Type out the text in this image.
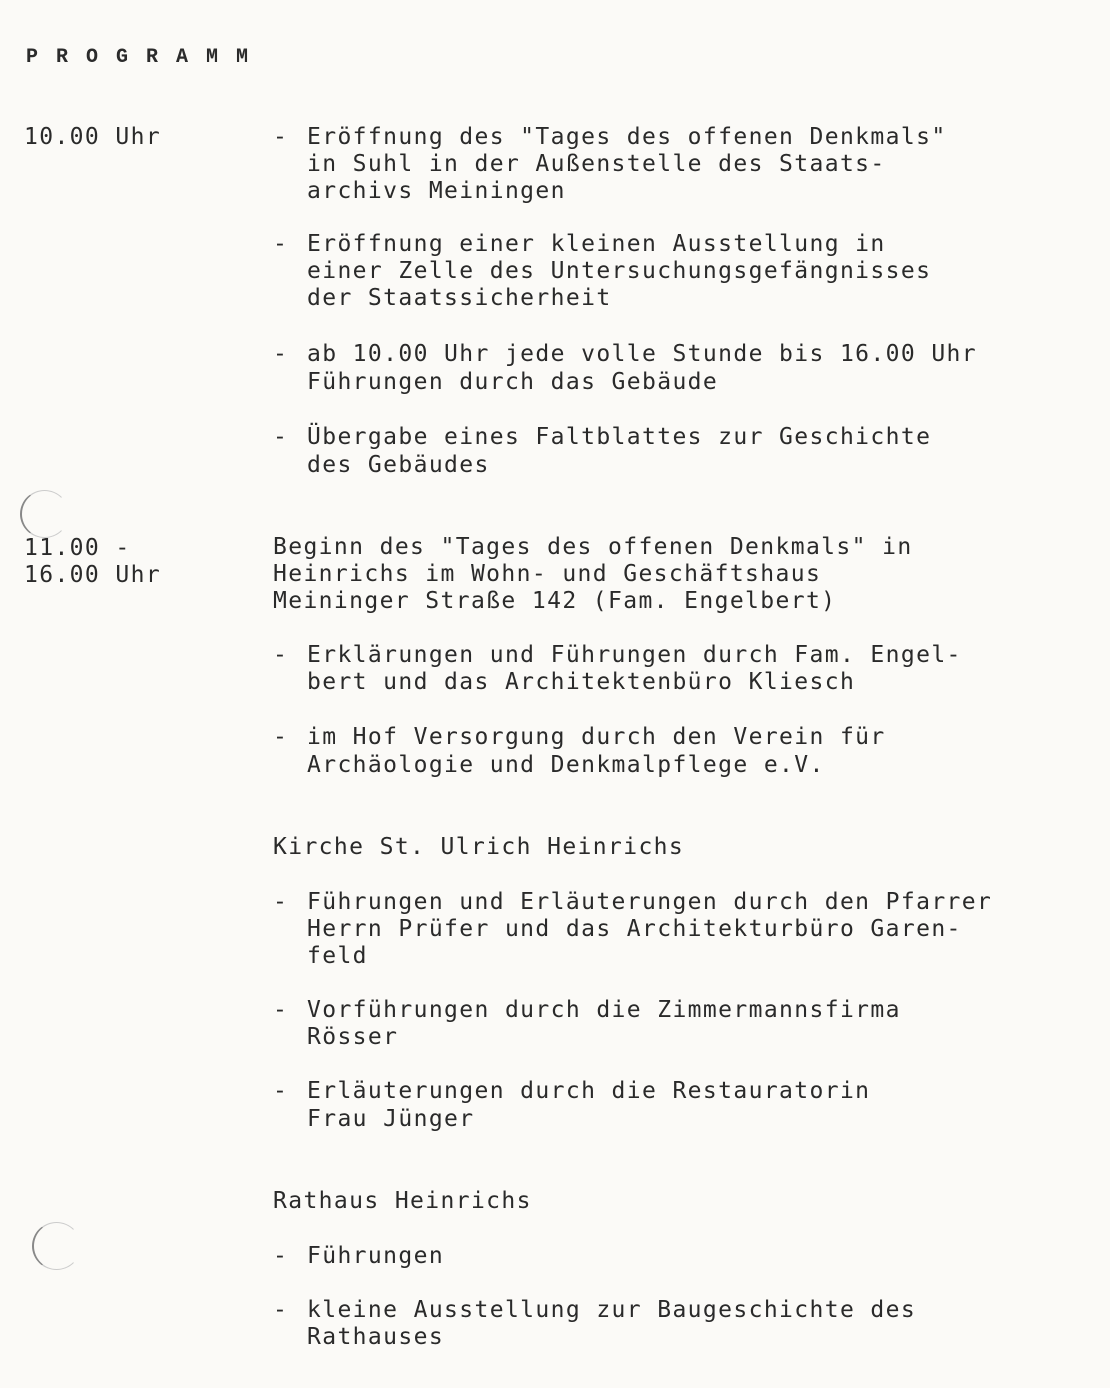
PROGRAMM
10.00 Uhr	- Eröffnung des "Tages des offenen Denkmals"
in Suhl in der Außenstelle des Staats-
archivs Meiningen
- Eröffnung einer kleinen Ausstellung in
einer Zelle des Untersuchungsgefängnisses
der Staatssicherheit
- ab 10.00 Uhr jede volle Stunde bis 16.00 Uhr
Führungen durch das Gebäude
- Übergabe eines Faltblattes zur Geschichte
des Gebäudes
11.00 -
16.00 Uhr
Beginn des "Tages des offenen Denkmals" in
Heinrichs im Wohn- und Geschäftshaus
Meininger Straße 142 (Fam. Engelbert)
- Erklärungen und Führungen durch Fam. Engel-
bert und das Architektenbüro Kliesch
- im Hof Versorgung durch den Verein für
Archäologie und Denkmalpflege e.V.
Kirche St. Ulrich Heinrichs
- Führungen und Erläuterungen durch den Pfarrer
Herrn Prüfer und das Architekturbüro Garen-
feld
- Vorführungen durch die Zimmermannsfirma
Rösser
- Erläuterungen durch die Restauratorin
Frau Jünger
Rathaus Heinrichs
- Führungen
- kleine Ausstellung zur Baugeschichte des
Rathauses
